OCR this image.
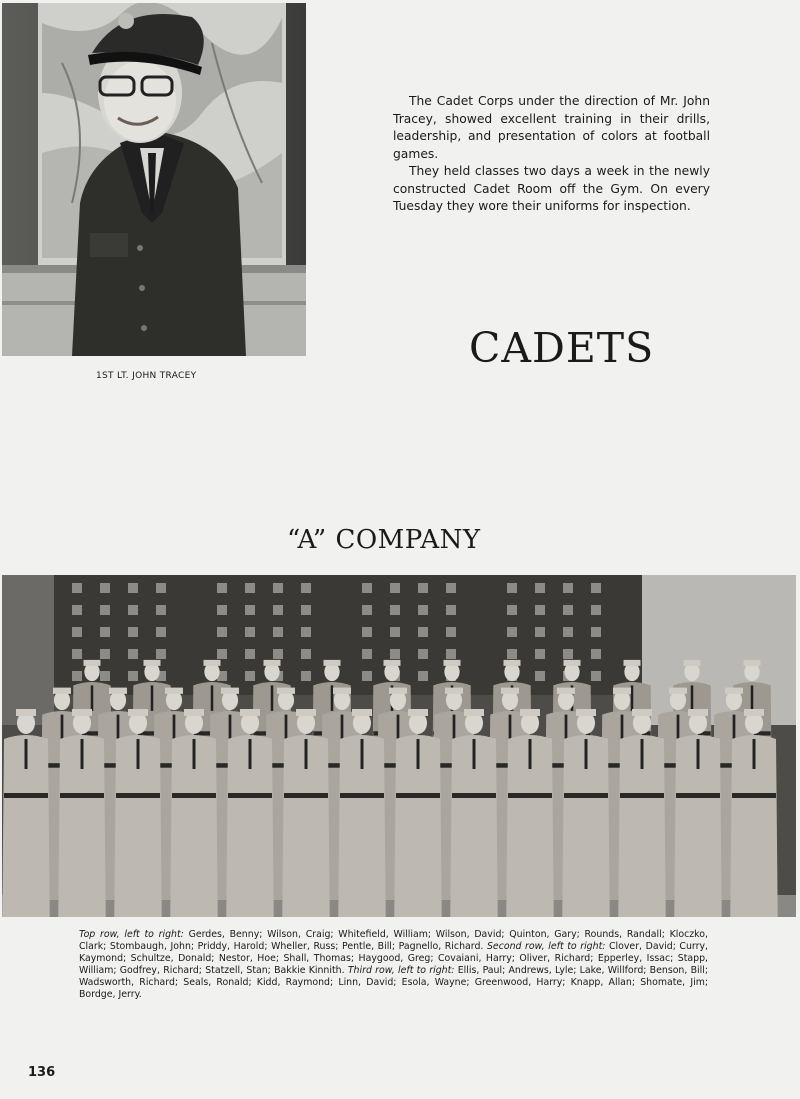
1ST LT. JOHN TRACEY

The Cadet Corps under the direction of Mr. John Tracey, showed excellent training in their drills, leadership, and presentation of colors at football games.

They held classes two days a week in the newly constructed Cadet Room off the Gym. On every Tuesday they wore their uniforms for inspection.

CADETS
“A” COMPANY
Top row, left to right: Gerdes, Benny; Wilson, Craig; Whitefield, William; Wilson, David; Quinton, Gary; Rounds, Randall; Kloczko, Clark; Stombaugh, John; Priddy, Harold; Wheller, Russ; Pentle, Bill; Pagnello, Richard. Second row, left to right: Clover, David; Curry, Kaymond; Schultze, Donald; Nestor, Hoe; Shall, Thomas; Haygood, Greg; Covaiani, Harry; Oliver, Richard; Epperley, Issac; Stapp, William; Godfrey, Richard; Statzell, Stan; Bakkie Kinnith. Third row, left to right: Ellis, Paul; Andrews, Lyle; Lake, Willford; Benson, Bill; Wadsworth, Richard; Seals, Ronald; Kidd, Raymond; Linn, David; Esola, Wayne; Greenwood, Harry; Knapp, Allan; Shomate, Jim; Bordge, Jerry.
136
